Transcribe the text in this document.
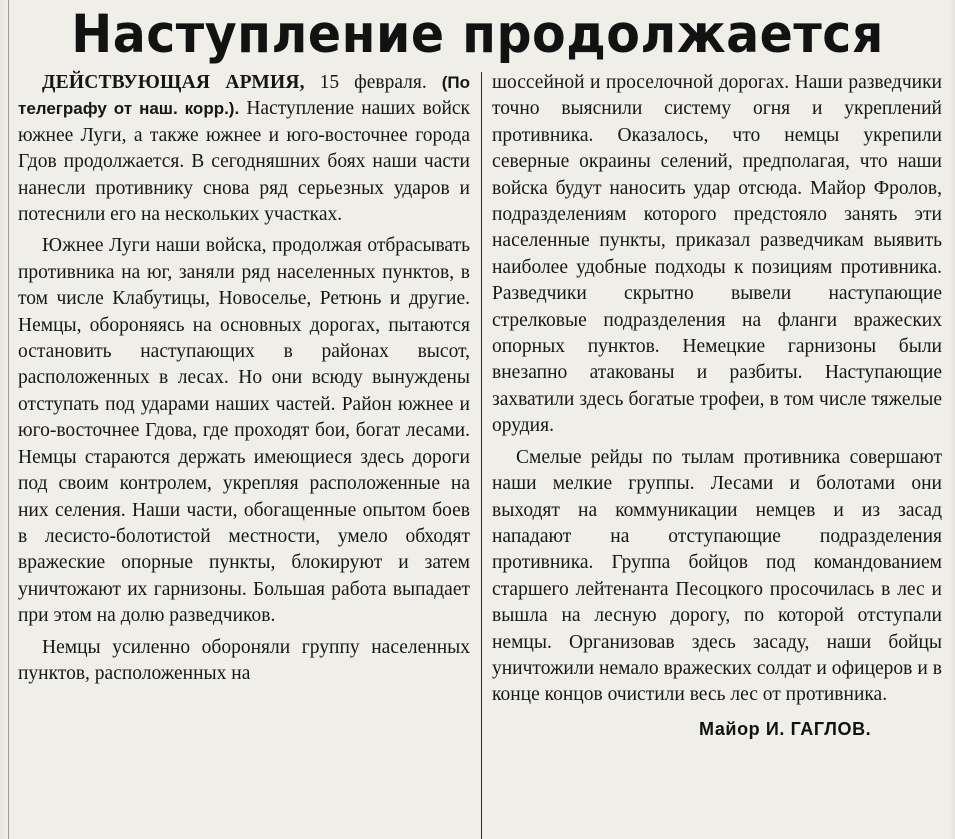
Наступление продолжается

ДЕЙСТВУЮЩАЯ АРМИЯ, 15 февраля. (По телеграфу от наш. корр.). Наступление наших войск южнее Луги, а также южнее и юго-восточнее города Гдов продолжается. В сегодняшних боях наши части нанесли противнику снова ряд серьезных ударов и потеснили его на нескольких участках.

Южнее Луги наши войска, продолжая отбрасывать противника на юг, заняли ряд населенных пунктов, в том числе Клабутицы, Новоселье, Ретюнь и другие. Немцы, обороняясь на основных дорогах, пытаются остановить наступающих в районах высот, расположенных в лесах. Но они всюду вынуждены отступать под ударами наших частей. Район южнее и юго-восточнее Гдова, где проходят бои, богат лесами. Немцы стараются держать имеющиеся здесь дороги под своим контролем, укрепляя расположенные на них селения. Наши части, обогащенные опытом боев в лесисто-болотистой местности, умело обходят вражеские опорные пункты, блокируют и затем уничтожают их гарнизоны. Большая работа выпадает при этом на долю разведчиков.

Немцы усиленно обороняли группу населенных пунктов, расположенных на

шоссейной и проселочной дорогах. Наши разведчики точно выяснили систему огня и укреплений противника. Оказалось, что немцы укрепили северные окраины селений, предполагая, что наши войска будут наносить удар отсюда. Майор Фролов, подразделениям которого предстояло занять эти населенные пункты, приказал разведчикам выявить наиболее удобные подходы к позициям противника. Разведчики скрытно вывели наступающие стрелковые подразделения на фланги вражеских опорных пунктов. Немецкие гарнизоны были внезапно атакованы и разбиты. Наступающие захватили здесь богатые трофеи, в том числе тяжелые орудия.

Смелые рейды по тылам противника совершают наши мелкие группы. Лесами и болотами они выходят на коммуникации немцев и из засад нападают на отступающие подразделения противника. Группа бойцов под командованием старшего лейтенанта Песоцкого просочилась в лес и вышла на лесную дорогу, по которой отступали немцы. Организовав здесь засаду, наши бойцы уничтожили немало вражеских солдат и офицеров и в конце концов очистили весь лес от противника.

Майор И. ГАГЛОВ.
